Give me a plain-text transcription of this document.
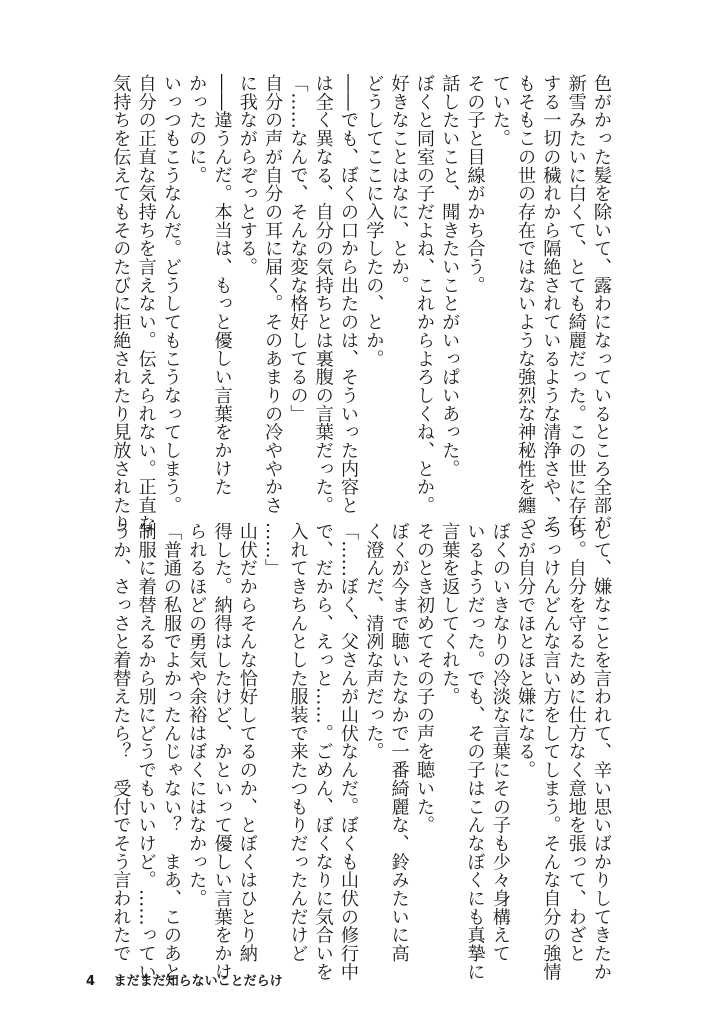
色がかった髪を除いて、露わになっているところ全部が
新雪みたいに白くて、とても綺麗だった。この世に存在
する一切の穢れから隔絶されているような清浄さや、そ
もそもこの世の存在ではないような強烈な神秘性を纏っ
ていた。
その子と目線がかち合う。
話したいこと、聞きたいことがいっぱいあった。
ぼくと同室の子だよね、これからよろしくね、とか。
好きなことはなに、とか。
どうしてここに入学したの、とか。
――でも、ぼくの口から出たのは、そういった内容と
は全く異なる、自分の気持ちとは裏腹の言葉だった。
「……なんで、そんな変な格好してるの」
自分の声が自分の耳に届く。そのあまりの冷ややかさ
に我ながらぞっとする。
――違うんだ。本当は、もっと優しい言葉をかけた
かったのに。
いっつもこうなんだ。どうしてもこうなってしまう。
自分の正直な気持ちを言えない。伝えられない。正直な
気持ちを伝えてもそのたびに拒絶されたり見放されたり
して、嫌なことを言われて、辛い思いばかりしてきたか
ら。自分を守るために仕方なく意地を張って、わざと
つっけんどんな言い方をしてしまう。そんな自分の強情
さが自分でほとほと嫌になる。
ぼくのいきなりの冷淡な言葉にその子も少々身構えて
いるようだった。でも、その子はこんなぼくにも真摯に
言葉を返してくれた。
そのとき初めてその子の声を聴いた。
ぼくが今まで聴いたなかで一番綺麗な、鈴みたいに高
く澄んだ、清冽な声だった。
「……ぼく、父さんが山伏なんだ。ぼくも山伏の修行中
で、だから、えっと……。ごめん、ぼくなりに気合いを
入れてきちんとした服装で来たつもりだったんだけど
……」
山伏だからそんな恰好してるのか、とぼくはひとり納
得した。納得はしたけど、かといって優しい言葉をかけ
られるほどの勇気や余裕はぼくにはなかった。
「普通の私服でよかったんじゃない？　まあ、このあと
制服に着替えるから別にどうでもいいけど。……ってい
うか、さっさと着替えたら？　受付でそう言われたで
4 まだまだ知らないことだらけ
